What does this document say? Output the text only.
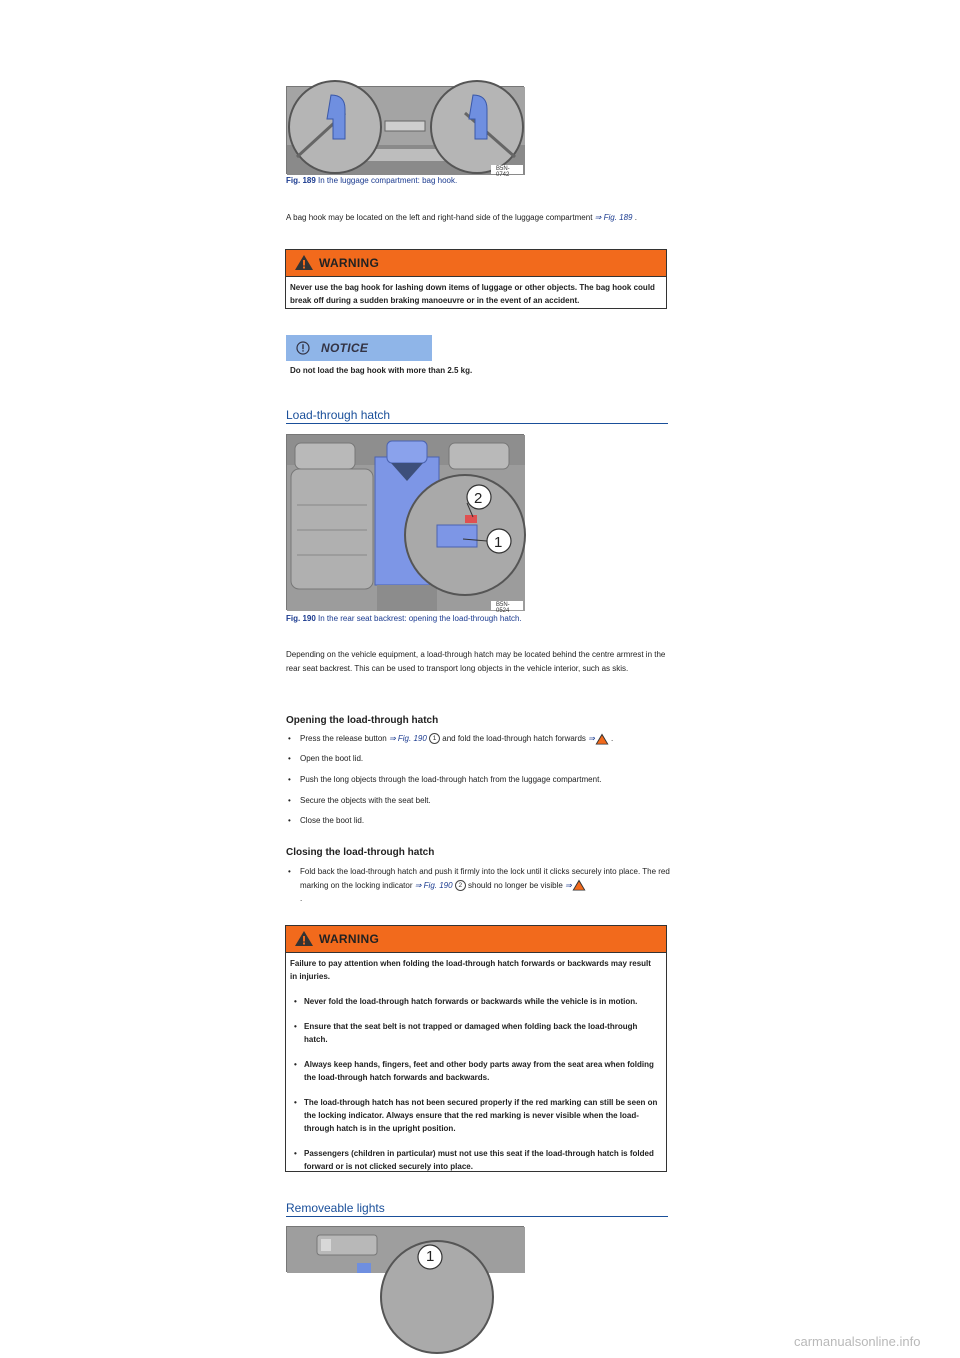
B5N-0742
Fig. 189 In the luggage compartment: bag hook.
A bag hook may be located on the left and right-hand side of the luggage compartment ⇒ Fig. 189 .
WARNING
Never use the bag hook for lashing down items of luggage or other objects. The bag hook could break off during a sudden braking manoeuvre or in the event of an accident.
NOTICE
Do not load the bag hook with more than 2.5 kg.
Load-through hatch
2
1
B5N-0524
Fig. 190 In the rear seat backrest: opening the load-through hatch.
Depending on the vehicle equipment, a load-through hatch may be located behind the centre armrest in the rear seat backrest. This can be used to transport long objects in the vehicle interior, such as skis.
Opening the load-through hatch
• Press the release button ⇒ Fig. 190 1 and fold the load-through hatch forwards ⇒ .
• Open the boot lid.
• Push the long objects through the load-through hatch from the luggage compartment.
• Secure the objects with the seat belt.
• Close the boot lid.
Closing the load-through hatch
• Fold back the load-through hatch and push it firmly into the lock until it clicks securely into place. The red marking on the locking indicator ⇒ Fig. 190 2 should no longer be visible ⇒
.
WARNING
Failure to pay attention when folding the load-through hatch forwards or backwards may result in injuries.
• Never fold the load-through hatch forwards or backwards while the vehicle is in motion.
• Ensure that the seat belt is not trapped or damaged when folding back the load-through hatch.
• Always keep hands, fingers, feet and other body parts away from the seat area when folding the load-through hatch forwards and backwards.
• The load-through hatch has not been secured properly if the red marking can still be seen on the locking indicator. Always ensure that the red marking is never visible when the load-through hatch is in the upright position.
• Passengers (children in particular) must not use this seat if the load-through hatch is folded forward or is not clicked securely into place.
Removeable lights
1
carmanualsonline.info
